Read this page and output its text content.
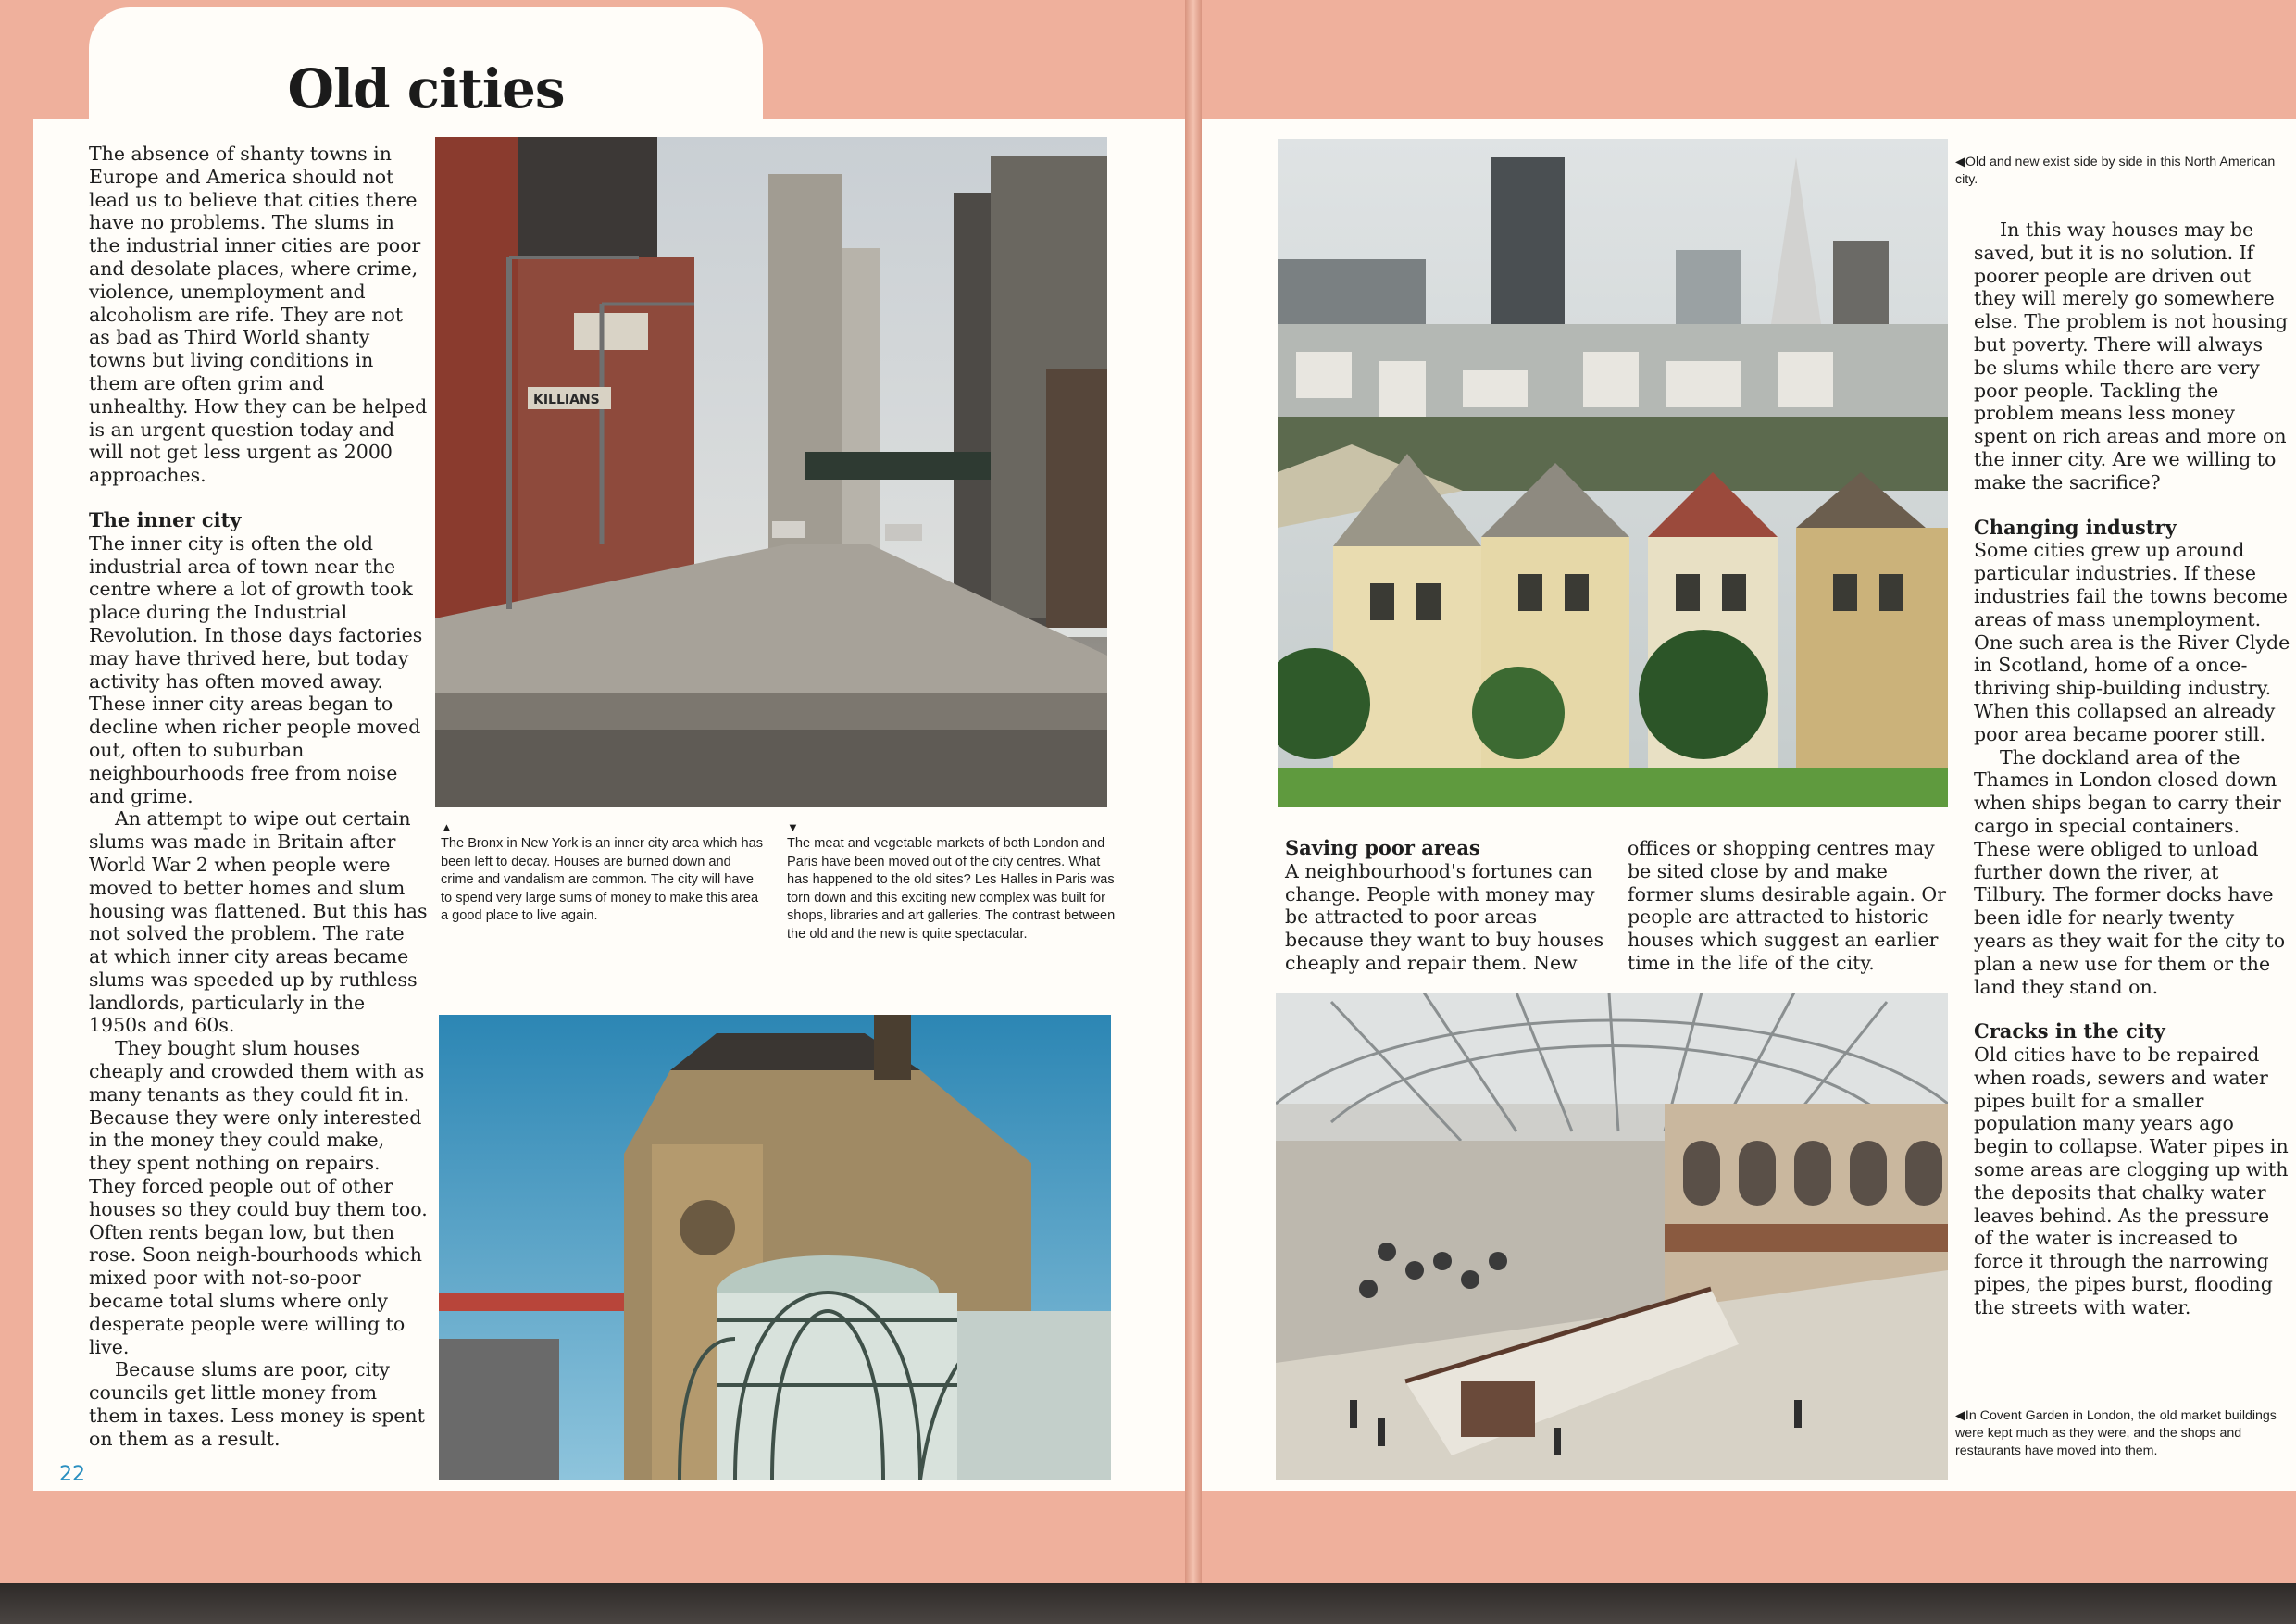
Old cities

The absence of shanty towns in Europe and America should not lead us to believe that cities there have no problems. The slums in the industrial inner cities are poor and desolate places, where crime, violence, unemployment and alcoholism are rife. They are not as bad as Third World shanty towns but living conditions in them are often grim and unhealthy. How they can be helped is an urgent question today and will not get less urgent as 2000 approaches.

The inner city

The inner city is often the old industrial area of town near the centre where a lot of growth took place during the Industrial Revolution. In those days factories may have thrived here, but today activity has often moved away. These inner city areas began to decline when richer people moved out, often to suburban neighbourhoods free from noise and grime.

An attempt to wipe out certain slums was made in Britain after World War 2 when people were moved to better homes and slum housing was flattened. But this has not solved the problem. The rate at which inner city areas became slums was speeded up by ruthless landlords, particularly in the 1950s and 60s.

They bought slum houses cheaply and crowded them with as many tenants as they could fit in. Because they were only interested in the money they could make, they spent nothing on repairs. They forced people out of other houses so they could buy them too. Often rents began low, but then rose. Soon neigh-bourhoods which mixed poor with not-so-poor became total slums where only desperate people were willing to live.

Because slums are poor, city councils get little money from them in taxes. Less money is spent on them as a result.

22
KILLIANS
▲
The Bronx in New York is an inner city area which has been left to decay. Houses are burned down and crime and vandalism are common. The city will have to spend very large sums of money to make this area a good place to live again.
▼
The meat and vegetable markets of both London and Paris have been moved out of the city centres. What has happened to the old sites? Les Halles in Paris was torn down and this exciting new complex was built for shops, libraries and art galleries. The contrast between the old and the new is quite spectacular.
◀Old and new exist side by side in this North American city.
◀In Covent Garden in London, the old market buildings were kept much as they were, and the shops and restaurants have moved into them.

Saving poor areas

A neighbourhood's fortunes can change. People with money may be attracted to poor areas because they want to buy houses cheaply and repair them. New

offices or shopping centres may be sited close by and make former slums desirable again. Or people are attracted to historic houses which suggest an earlier time in the life of the city.

In this way houses may be saved, but it is no solution. If poorer people are driven out they will merely go somewhere else. The problem is not housing but poverty. There will always be slums while there are very poor people. Tackling the problem means less money spent on rich areas and more on the inner city. Are we willing to make the sacrifice?

Changing industry

Some cities grew up around particular industries. If these industries fail the towns become areas of mass unemployment. One such area is the River Clyde in Scotland, home of a once-thriving ship-building industry. When this collapsed an already poor area became poorer still.

The dockland area of the Thames in London closed down when ships began to carry their cargo in special containers. These were obliged to unload further down the river, at Tilbury. The former docks have been idle for nearly twenty years as they wait for the city to plan a new use for them or the land they stand on.

Cracks in the city

Old cities have to be repaired when roads, sewers and water pipes built for a smaller population many years ago begin to collapse. Water pipes in some areas are clogging up with the deposits that chalky water leaves behind. As the pressure of the water is increased to force it through the narrowing pipes, the pipes burst, flooding the streets with water.
